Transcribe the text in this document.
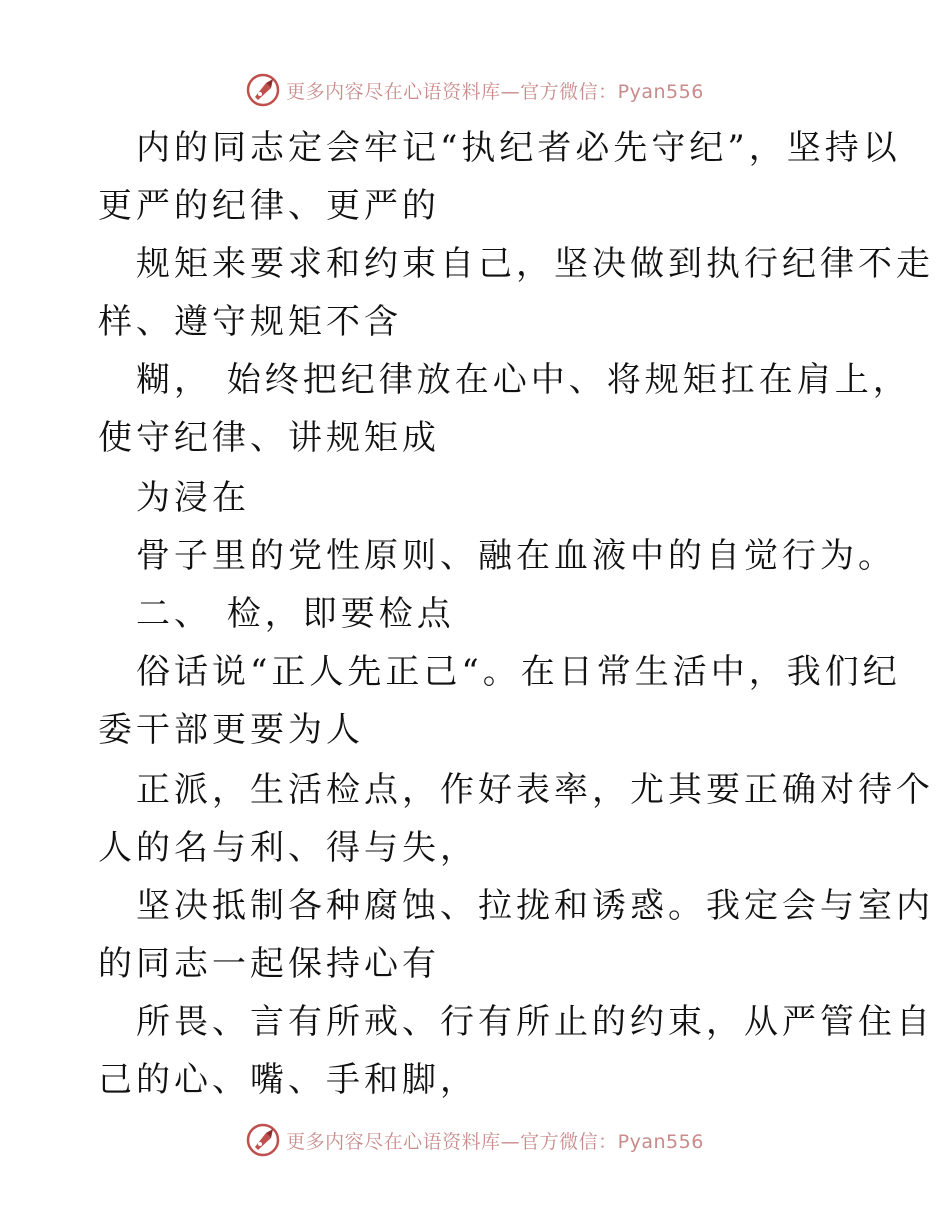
更多内容尽在心语资料库—官方微信：Pyan556
内的同志定会牢记“执纪者必先守纪”，坚持以
更严的纪律、更严的
规矩来要求和约束自己，坚决做到执行纪律不走
样、遵守规矩不含
糊， 始终把纪律放在心中、将规矩扛在肩上，
使守纪律、讲规矩成
为浸在
骨子里的党性原则、融在血液中的自觉行为。
二、 检，即要检点
俗话说“正人先正己“。在日常生活中，我们纪
委干部更要为人
正派，生活检点，作好表率，尤其要正确对待个
人的名与利、得与失，
坚决抵制各种腐蚀、拉拢和诱惑。我定会与室内
的同志一起保持心有
所畏、言有所戒、行有所止的约束，从严管住自
己的心、嘴、手和脚，
更多内容尽在心语资料库—官方微信：Pyan556
